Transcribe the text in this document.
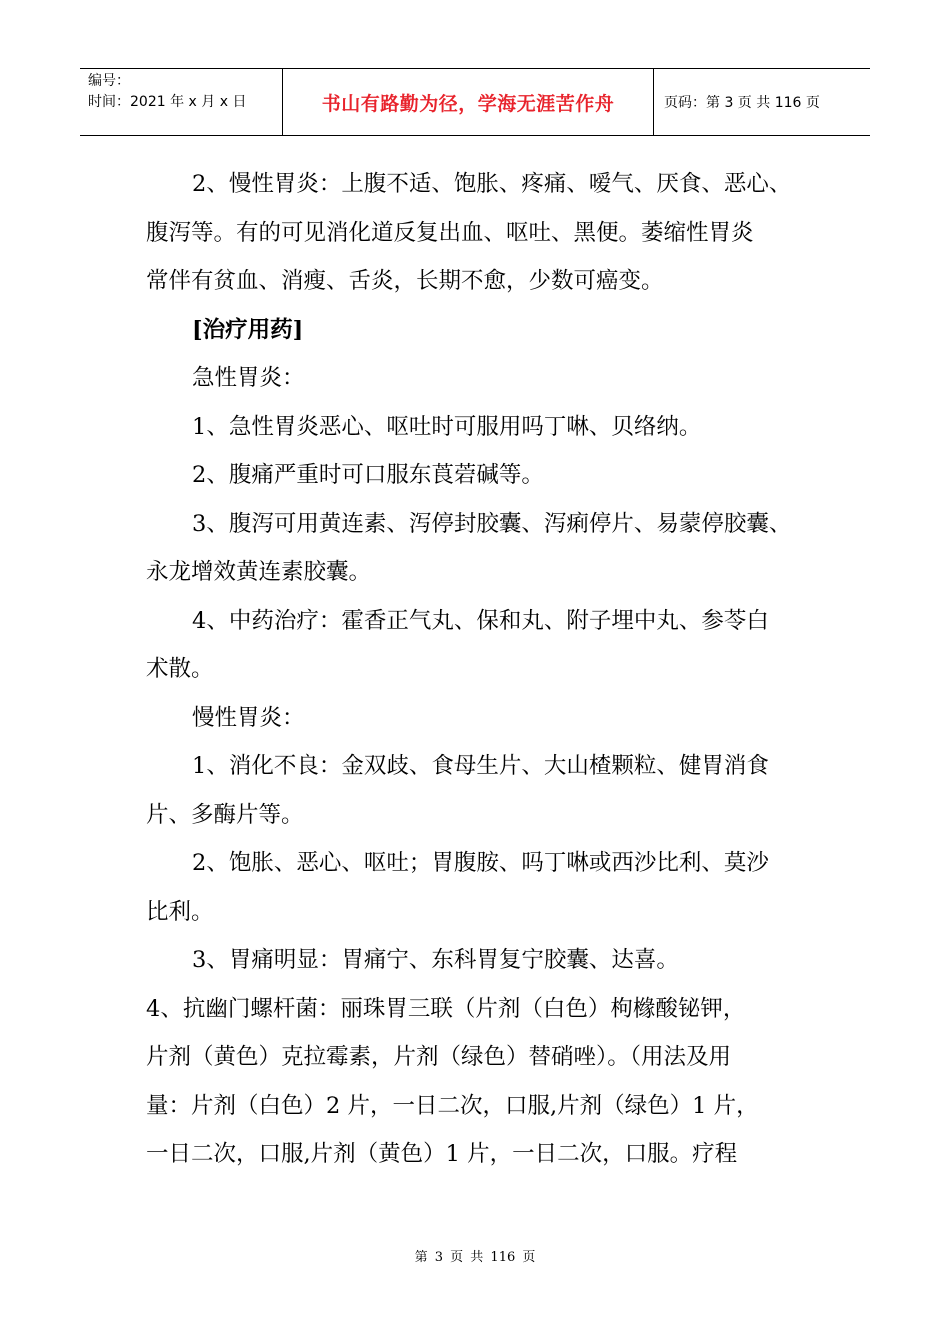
编号：
时间：2021 年 x 月 x 日	书山有路勤为径，学海无涯苦作舟	页码：第 3 页 共 116 页

2、慢性胃炎：上腹不适、饱胀、疼痛、嗳气、厌食、恶心、

腹泻等。有的可见消化道反复出血、呕吐、黑便。萎缩性胃炎

常伴有贫血、消瘦、舌炎，长期不愈，少数可癌变。

[治疗用药]

急性胃炎：

1、急性胃炎恶心、呕吐时可服用吗丁啉、贝络纳。

2、腹痛严重时可口服东莨菪碱等。

3、腹泻可用黄连素、泻停封胶囊、泻痢停片、易蒙停胶囊、

永龙增效黄连素胶囊。

4、中药治疗：霍香正气丸、保和丸、附子埋中丸、参苓白

术散。

慢性胃炎：

1、消化不良：金双歧、食母生片、大山楂颗粒、健胃消食

片、多酶片等。

2、饱胀、恶心、呕吐；胃腹胺、吗丁啉或西沙比利、莫沙

比利。

3、胃痛明显：胃痛宁、东科胃复宁胶囊、达喜。

4、抗幽门螺杆菌：丽珠胃三联（片剂（白色）枸橼酸铋钾，

片剂（黄色）克拉霉素，片剂（绿色）替硝唑）。（用法及用

量：片剂（白色）2 片，一日二次，口服,片剂（绿色）1 片，

一日二次，口服,片剂（黄色）1 片，一日二次，口服。疗程

第 3 页 共 116 页
